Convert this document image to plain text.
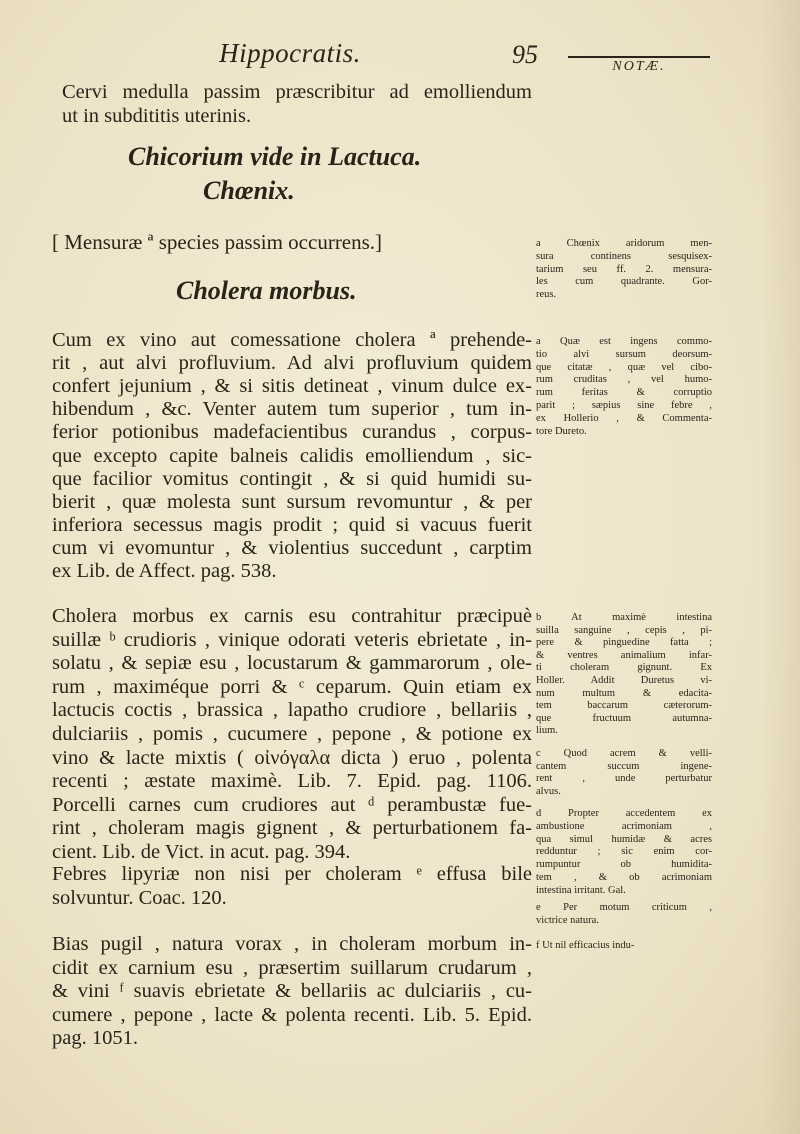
Hippocratis.	95	NOTÆ.
Cervi medulla passim præscribitur ad emolliendum
ut in subdititis uterinis.
Chicorium vide in Lactuca.
Chœnix.
[ Mensuræ ª species passim occurrens.]
Cholera morbus.
Cum ex vino aut comessatione cholera ª prehende-
rit , aut alvi profluvium. Ad alvi profluvium quidem
confert jejunium , & si sitis detineat , vinum dulce ex-
hibendum , &c. Venter autem tum superior , tum in-
ferior potionibus madefacientibus curandus , corpus-
que excepto capite balneis calidis emolliendum , sic-
que facilior vomitus contingit , & si quid humidi su-
bierit , quæ molesta sunt sursum revomuntur , & per
inferiora secessus magis prodit ; quid si vacuus fuerit
cum vi evomuntur , & violentius succedunt , carptim
ex Lib. de Affect. pag. 538.
Cholera morbus ex carnis esu contrahitur præcipuè
suillæ ᵇ crudioris , vinique odorati veteris ebrietate , in-
solatu , & sepiæ esu , locustarum & gammarorum , ole-
rum , maximéque porri & ᶜ ceparum. Quin etiam ex
lactucis coctis , brassica , lapatho crudiore , bellariis ,
dulciariis , pomis , cucumere , pepone , & potione ex
vino & lacte mixtis ( οἰνόγαλα dicta ) eruo , polenta
recenti ; æstate maximè. Lib. 7. Epid. pag. 1106.
Porcelli carnes cum crudiores aut ᵈ perambustæ fue-
rint , choleram magis gignent , & perturbationem fa-
cient. Lib. de Vict. in acut. pag. 394.
Febres lipyriæ non nisi per choleram ᵉ effusa bile
solvuntur. Coac. 120.
Bias pugil , natura vorax , in choleram morbum in-
cidit ex carnium esu , præsertim suillarum crudarum ,
& vini ᶠ suavis ebrietate & bellariis ac dulciariis , cu-
cumere , pepone , lacte & polenta recenti. Lib. 5. Epid.
pag. 1051.
a Chœnix aridorum men-
sura continens sesquisex-
tarium seu ff. 2. mensura-
les cum quadrante. Gor-
reus.
a Quæ est ingens commo-
tio alvi sursum deorsum-
que citatæ , quæ vel cibo-
rum cruditas , vel humo-
rum feritas & corruptio
parit ; sæpius sine febre ,
ex Hollerio , & Commenta-
tore Dureto.
b At maximè intestina
suilla sanguine , cepis , pi-
pere & pinguedine fatta ;
& ventres animalium infar-
ti choleram gignunt. Ex
Holler. Addit Duretus vi-
num multum & edacita-
tem baccarum cæterorum-
que fructuum autumna-
lium.
c Quod acrem & velli-
cantem succum ingene-
rent , unde perturbatur
alvus.
d Propter accedentem ex
ambustione acrimoniam ,
qua simul humidæ & acres
redduntur ; sic enim cor-
rumpuntur ob humidita-
tem , & ob acrimoniam
intestina irritant. Gal.
e Per motum criticum ,
victrice natura.
f Ut nil efficacius indu-
